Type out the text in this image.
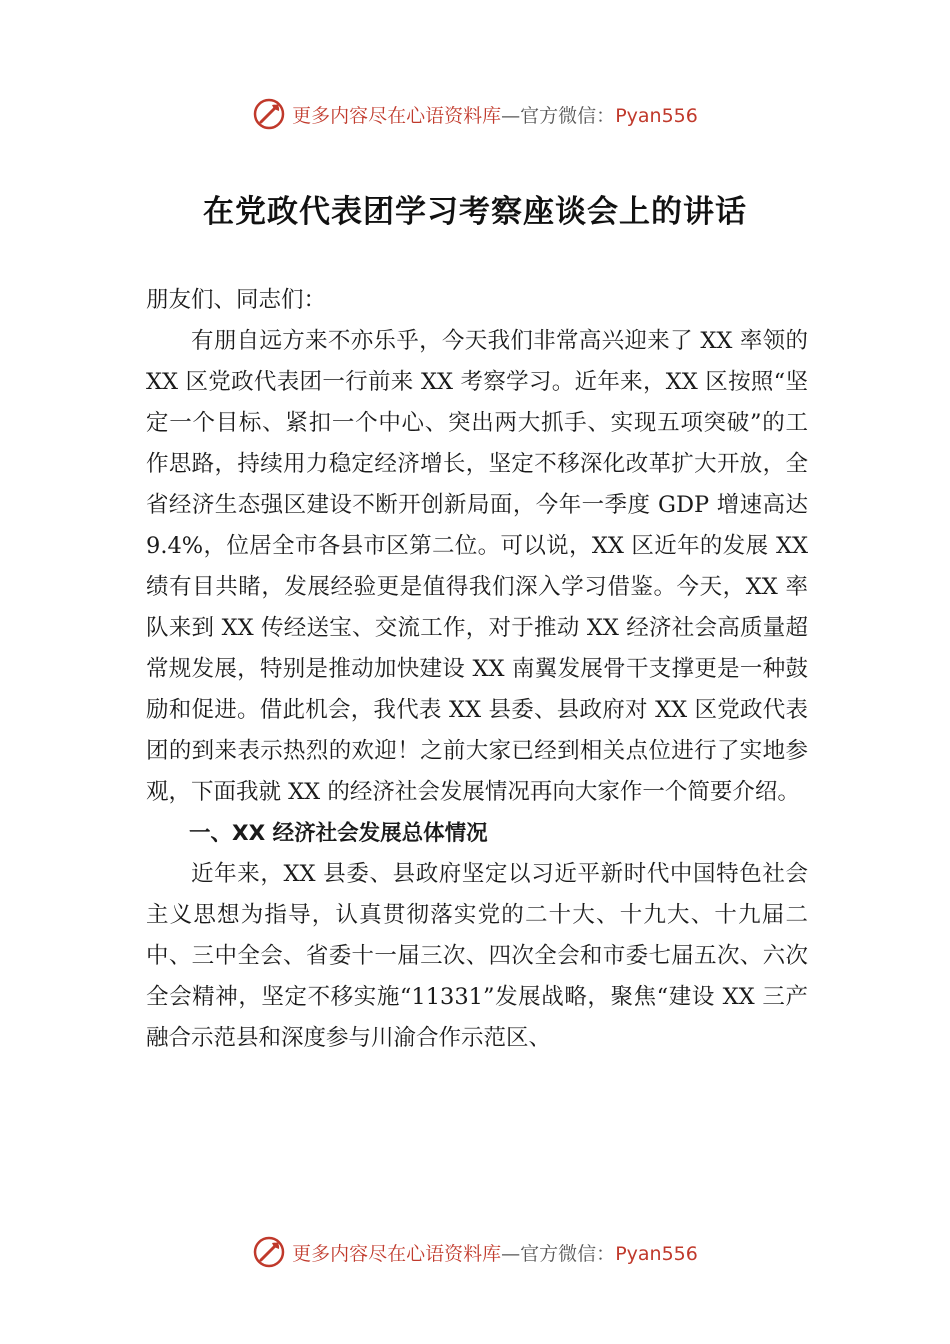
更多内容尽在心语资料库—官方微信：Pyan556
在党政代表团学习考察座谈会上的讲话

朋友们、同志们：

有朋自远方来不亦乐乎，今天我们非常高兴迎来了 XX 率领的 XX 区党政代表团一行前来 XX 考察学习。近年来，XX 区按照“坚定一个目标、紧扣一个中心、突出两大抓手、实现五项突破”的工作思路，持续用力稳定经济增长，坚定不移深化改革扩大开放，全省经济生态强区建设不断开创新局面，今年一季度 GDP 增速高达 9.4%，位居全市各县市区第二位。可以说，XX 区近年的发展 XX 绩有目共睹，发展经验更是值得我们深入学习借鉴。今天，XX 率队来到 XX 传经送宝、交流工作，对于推动 XX 经济社会高质量超常规发展，特别是推动加快建设 XX 南翼发展骨干支撑更是一种鼓励和促进。借此机会，我代表 XX 县委、县政府对 XX 区党政代表团的到来表示热烈的欢迎！之前大家已经到相关点位进行了实地参观，下面我就 XX 的经济社会发展情况再向大家作一个简要介绍。

一、XX 经济社会发展总体情况

近年来，XX 县委、县政府坚定以习近平新时代中国特色社会主义思想为指导，认真贯彻落实党的二十大、十九大、十九届二中、三中全会、省委十一届三次、四次全会和市委七届五次、六次全会精神，坚定不移实施“11331”发展战略，聚焦“建设 XX 三产融合示范县和深度参与川渝合作示范区、

更多内容尽在心语资料库—官方微信：Pyan556
